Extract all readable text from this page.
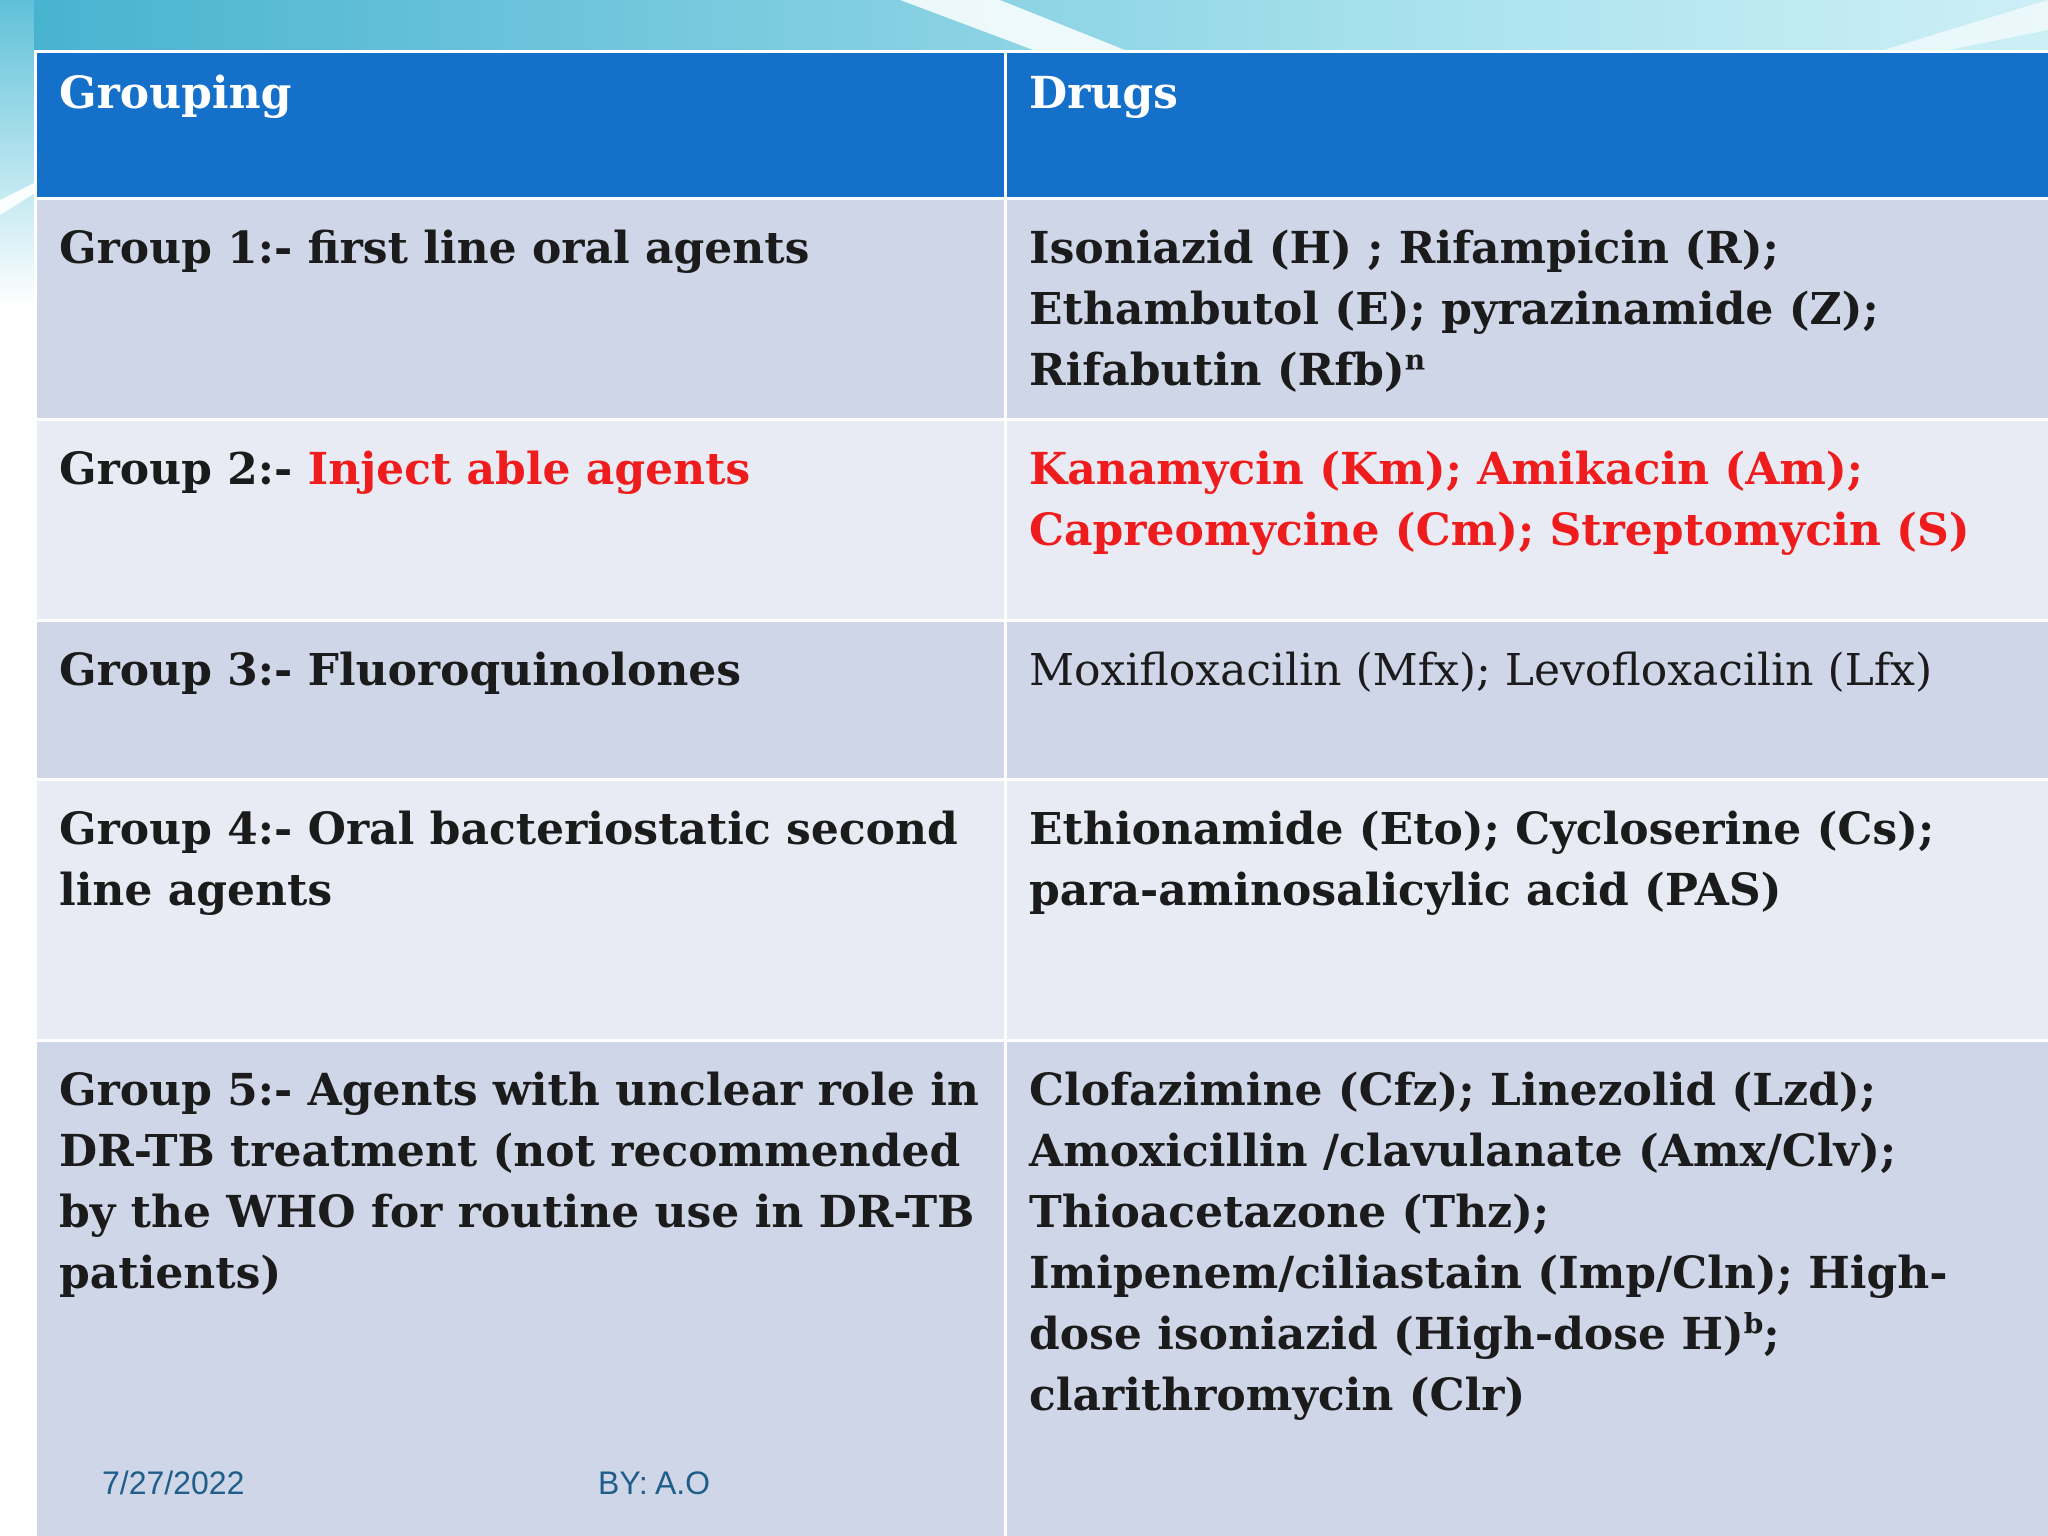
Grouping	Drugs
Group 1:- first line oral agents	Isoniazid (H) ; Rifampicin (R); Ethambutol (E); pyrazinamide (Z); Rifabutin (Rfb)$^n$
Group 2:- Inject able agents	Kanamycin (Km); Amikacin (Am); Capreomycine (Cm); Streptomycin (S)
Group 3:- Fluoroquinolones	Moxifloxacilin (Mfx); Levofloxacilin (Lfx)
Group 4:- Oral bacteriostatic second line agents	Ethionamide (Eto); Cycloserine (Cs); para-aminosalicylic acid (PAS)
Group 5:- Agents with unclear role in DR-TB treatment (not recommended by the WHO for routine use in DR-TB patients)	Clofazimine (Cfz); Linezolid (Lzd); Amoxicillin /clavulanate (Amx/Clv); Thioacetazone (Thz); Imipenem/ciliastain (Imp/Cln); High-dose isoniazid (High-dose H)$^b$; clarithromycin (Clr)
7/27/2022	BY: A.O
